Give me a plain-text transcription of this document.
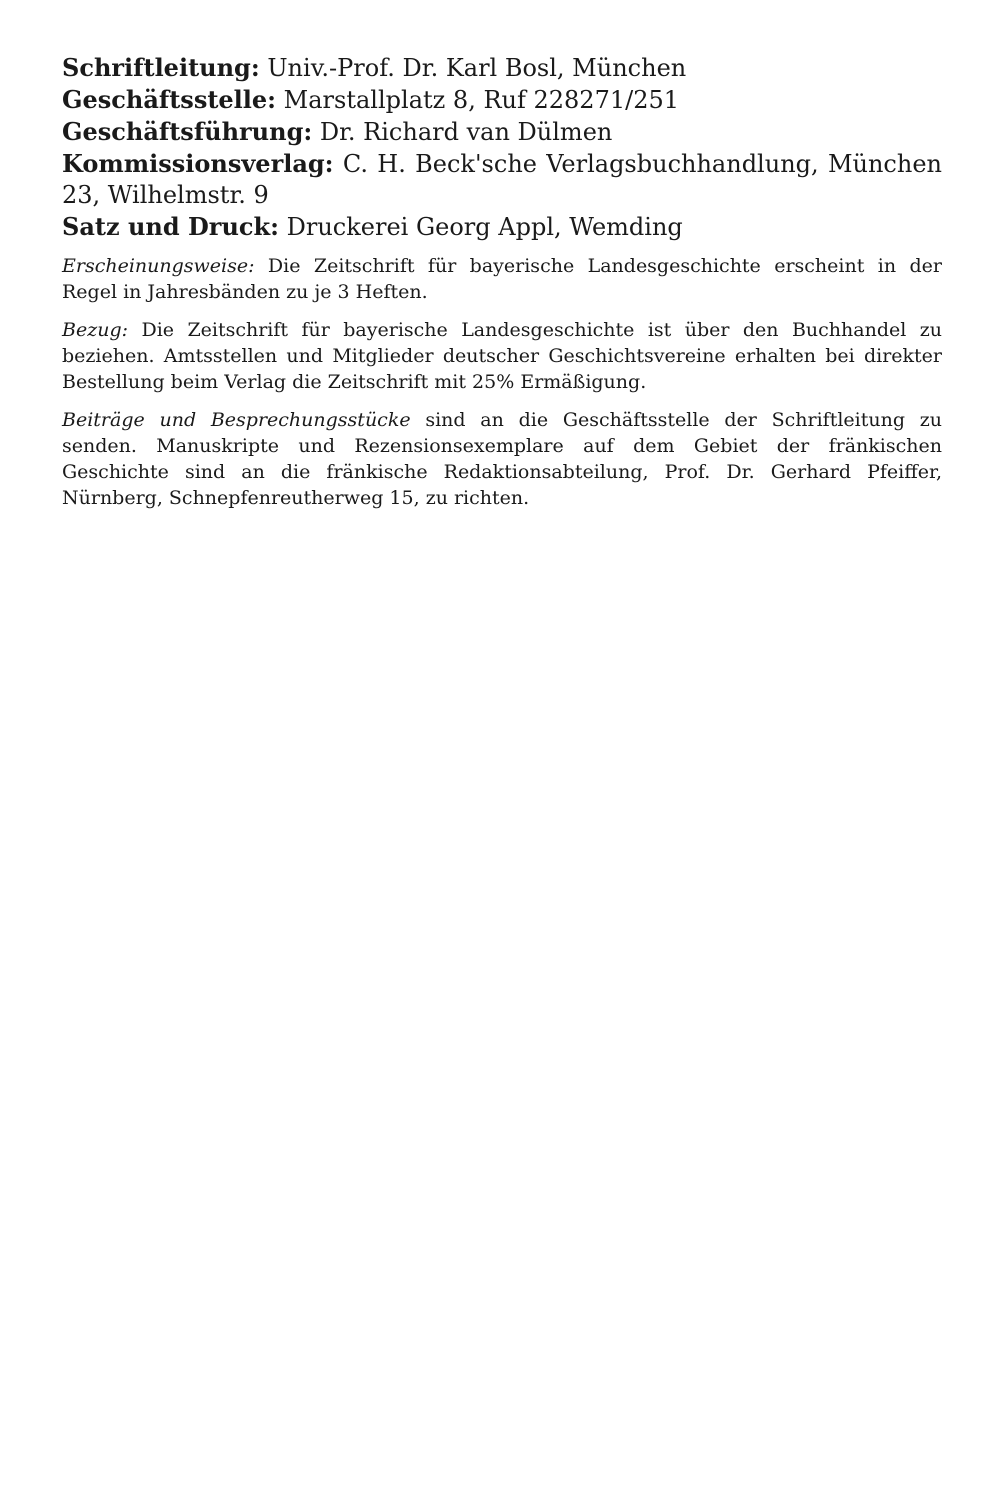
Schriftleitung: Univ.-Prof. Dr. Karl Bosl, München

Geschäftsstelle: Marstallplatz 8, Ruf 228271/251

Geschäftsführung: Dr. Richard van Dülmen

Kommissionsverlag: C. H. Beck'sche Verlagsbuchhandlung, München 23, Wilhelmstr. 9

Satz und Druck: Druckerei Georg Appl, Wemding

Erscheinungsweise: Die Zeitschrift für bayerische Landesgeschichte erscheint in der Regel in Jahresbänden zu je 3 Heften.

Bezug: Die Zeitschrift für bayerische Landesgeschichte ist über den Buchhandel zu beziehen. Amtsstellen und Mitglieder deutscher Geschichtsvereine erhalten bei direkter Bestellung beim Verlag die Zeitschrift mit 25% Ermäßigung.

Beiträge und Besprechungsstücke sind an die Geschäftsstelle der Schriftleitung zu senden. Manuskripte und Rezensionsexemplare auf dem Gebiet der fränkischen Geschichte sind an die fränkische Redaktionsabteilung, Prof. Dr. Gerhard Pfeiffer, Nürnberg, Schnepfenreutherweg 15, zu richten.
